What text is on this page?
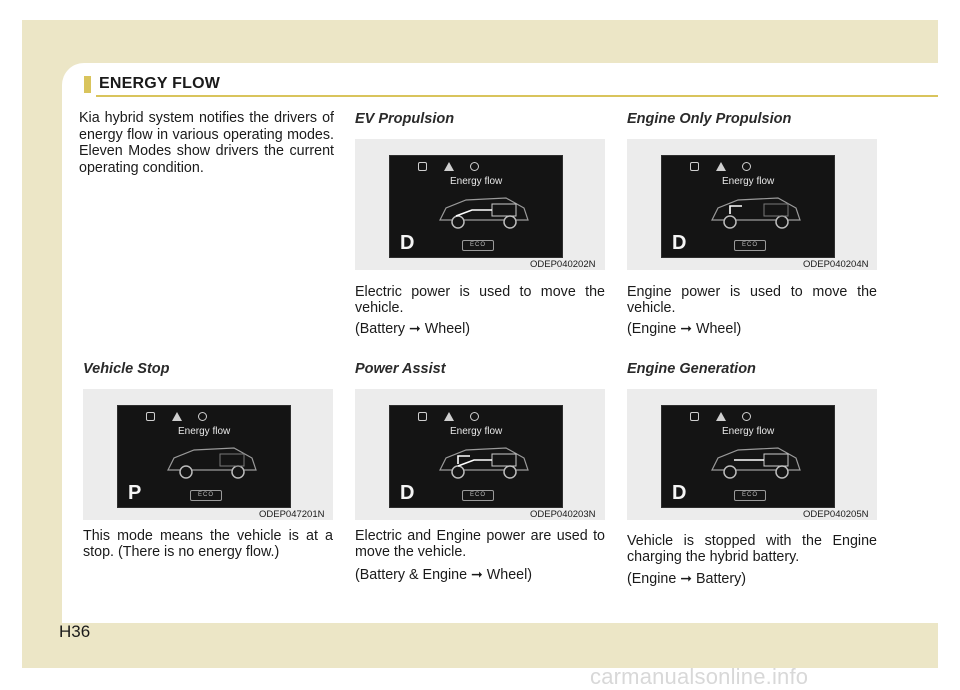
ENERGY FLOW
Kia hybrid system notifies the drivers of energy flow in various operating modes. Eleven Modes show drivers the current operating condition.
EV Propulsion
Energy flow
D	ECO
ODEP040202N
Electric power is used to move the vehicle.
(Battery ➞ Wheel)
Engine Only Propulsion
Energy flow
D	ECO
ODEP040204N
Engine power is used to move the vehicle.
(Engine ➞ Wheel)
Vehicle Stop
Energy flow
P	ECO
ODEP047201N
This mode means the vehicle is at a stop. (There is no energy flow.)
Power Assist
Energy flow
D	ECO
ODEP040203N
Electric and Engine power are used to move the vehicle.
(Battery & Engine ➞ Wheel)
Engine Generation
Energy flow
D	ECO
ODEP040205N
Vehicle is stopped with the Engine charging the hybrid battery.
(Engine ➞ Battery)
H36
carmanualsonline.info
